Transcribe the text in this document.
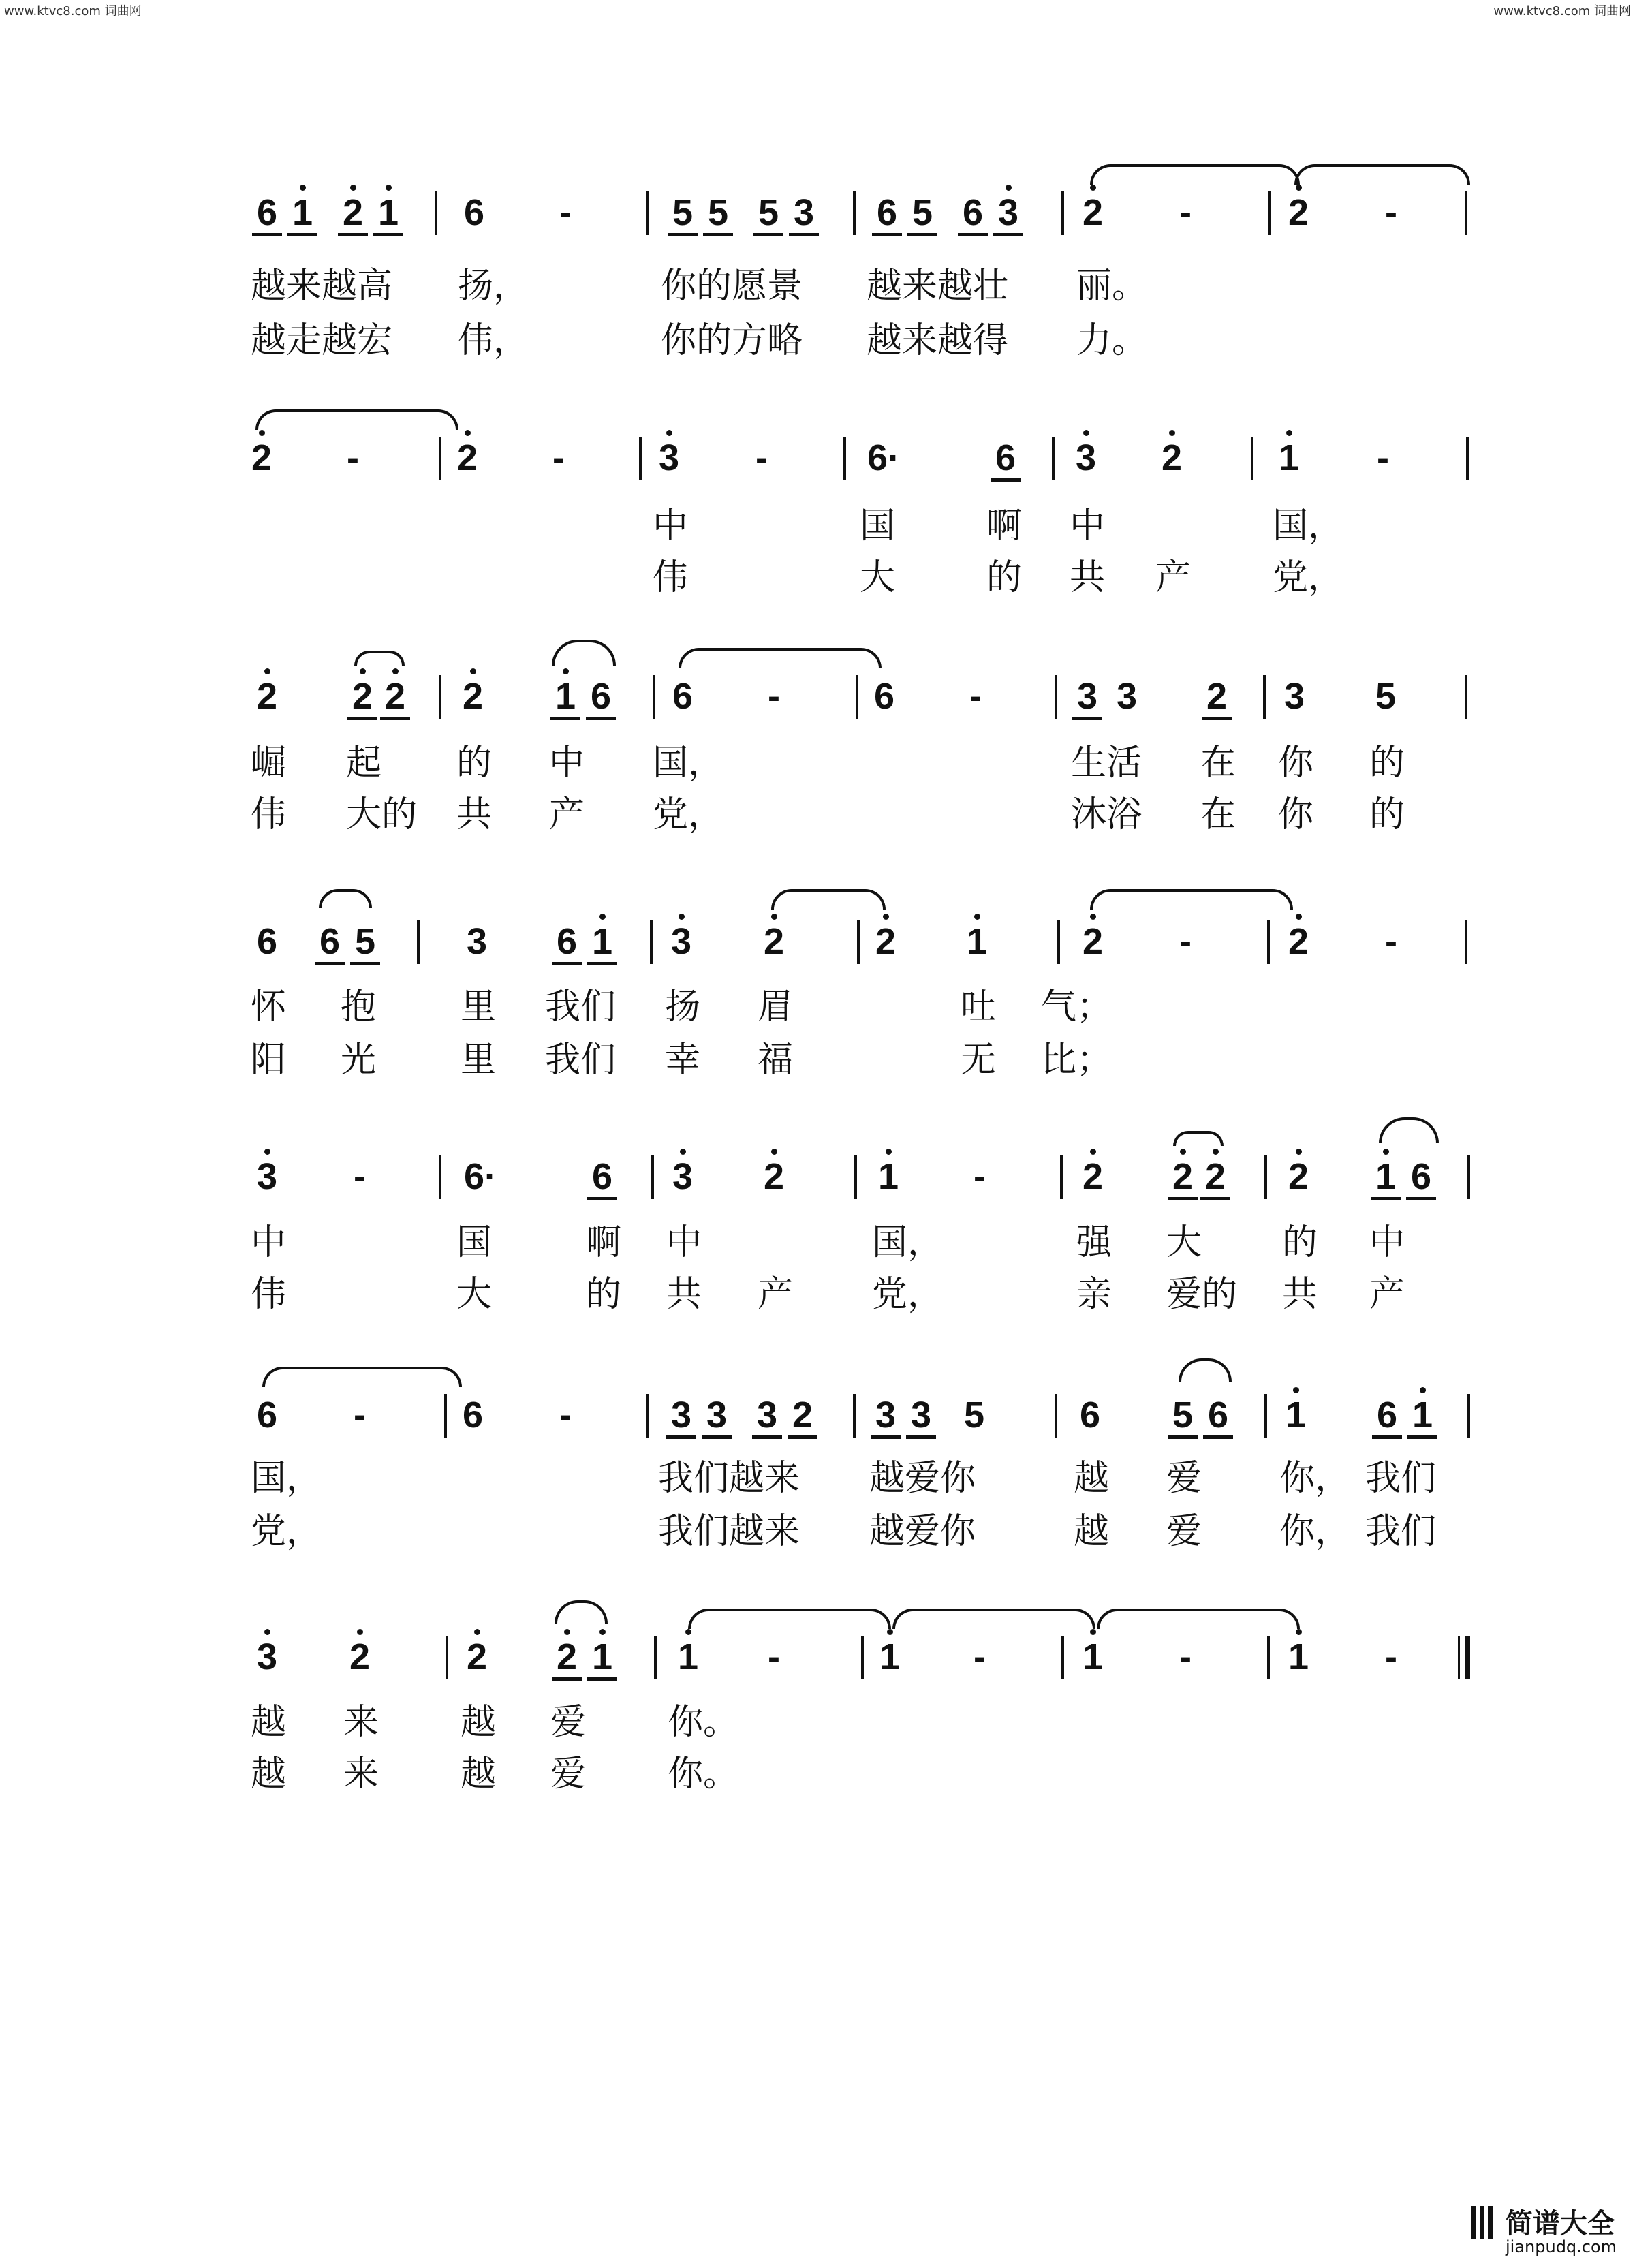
www.ktvc8.com 词曲网	www.ktvc8.com 词曲网
6 1 2 1 6 -	5 5 5 3 6 5 6 3 2 -	2 -
越来越高 扬，	你的愿景 越来越壮 丽。
越走越宏 伟，	你的方略 越来越得 力。
2 -	2 -	3 -	6·	6 3 2	1 -
中	国	啊 中	国，
伟	大	的 共 产 党，
2 2 2 2 1 6 6 -	6 -	3 3 2 3 5
崛 起 的 中 国，	生活 在 你 的
伟 大的 共 产 党，	沐浴 在 你 的
6 6 5 3 6 1 3 2 2 1	2 -	2 -
怀 抱 里 我们 扬 眉	吐 气；
阳 光 里 我们 幸 福	无 比；
3 -	6·	6 3 2	1 -	2 2 2 2 1 6
中	国	啊 中	国，	强 大 的 中
伟	大	的 共 产 党，	亲 爱的 共 产
6 -	6 -	3 3 3 2 3 3 5	6 5 6 1 6 1
国，	我们越来 越爱你	越 爱 你， 我们
党，	我们越来 越爱你	越 爱 你， 我们
3 2	2 2 1 1 -	1 -	1 -	1 -
越 来 越 爱 你。
越 来 越 爱 你。
简谱大全
jianpudq.com
